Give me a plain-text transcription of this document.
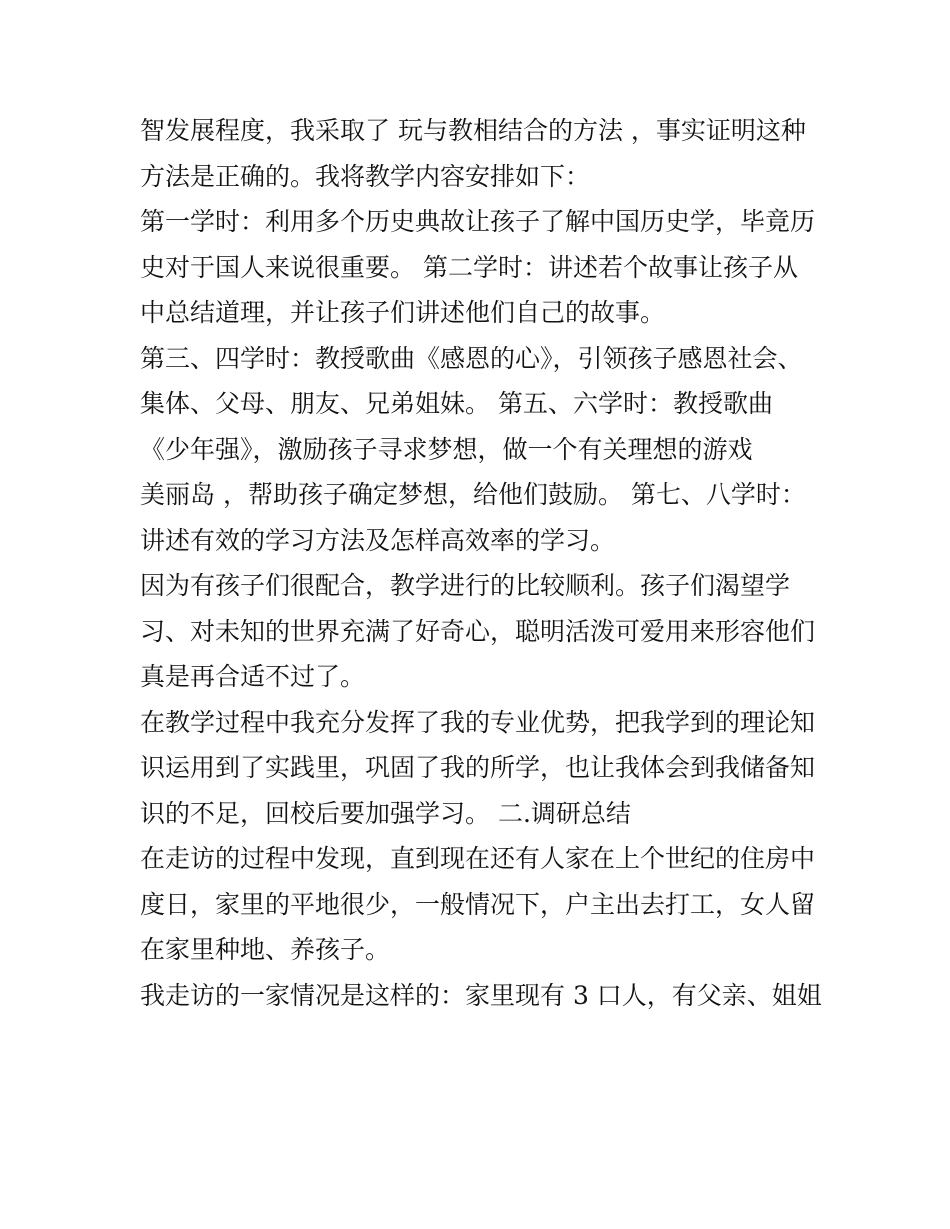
智发展程度，我采取了 玩与教相结合的方法 ，事实证明这种
方法是正确的。我将教学内容安排如下：
第一学时：利用多个历史典故让孩子了解中国历史学，毕竟历
史对于国人来说很重要。 第二学时：讲述若个故事让孩子从
中总结道理，并让孩子们讲述他们自己的故事。
第三、四学时：教授歌曲《感恩的心》，引领孩子感恩社会、
集体、父母、朋友、兄弟姐妹。 第五、六学时：教授歌曲
《少年强》，激励孩子寻求梦想，做一个有关理想的游戏
美丽岛 ，帮助孩子确定梦想，给他们鼓励。 第七、八学时：
讲述有效的学习方法及怎样高效率的学习。
因为有孩子们很配合，教学进行的比较顺利。孩子们渴望学
习、对未知的世界充满了好奇心，聪明活泼可爱用来形容他们
真是再合适不过了。
在教学过程中我充分发挥了我的专业优势，把我学到的理论知
识运用到了实践里，巩固了我的所学，也让我体会到我储备知
识的不足，回校后要加强学习。 二.调研总结
在走访的过程中发现，直到现在还有人家在上个世纪的住房中
度日，家里的平地很少，一般情况下，户主出去打工，女人留
在家里种地、养孩子。
我走访的一家情况是这样的：家里现有 3 口人，有父亲、姐姐
